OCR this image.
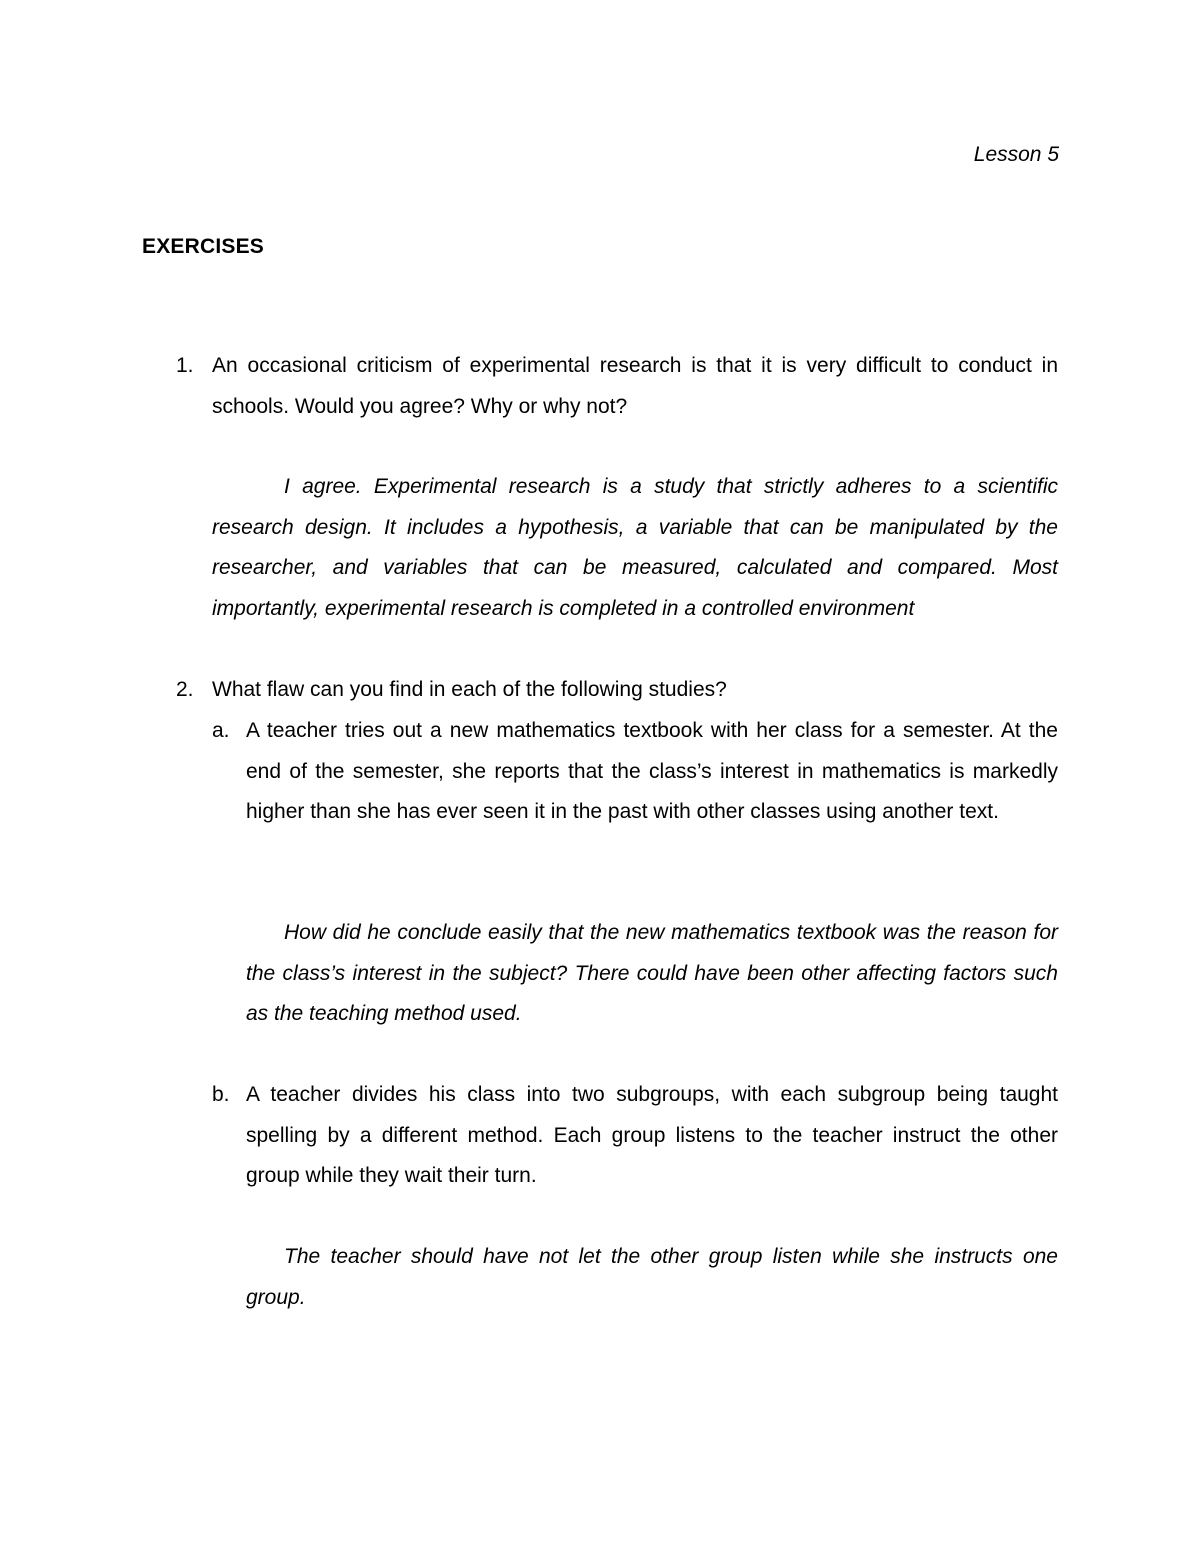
Lesson 5
EXERCISES
1. An occasional criticism of experimental research is that it is very difficult to conduct in schools. Would you agree? Why or why not?
I agree. Experimental research is a study that strictly adheres to a scientific research design. It includes a hypothesis, a variable that can be manipulated by the researcher, and variables that can be measured, calculated and compared. Most importantly, experimental research is completed in a controlled environment
2. What flaw can you find in each of the following studies?
a. A teacher tries out a new mathematics textbook with her class for a semester. At the end of the semester, she reports that the class’s interest in mathematics is markedly higher than she has ever seen it in the past with other classes using another text.
How did he conclude easily that the new mathematics textbook was the reason for the class’s interest in the subject? There could have been other affecting factors such as the teaching method used.
b. A teacher divides his class into two subgroups, with each subgroup being taught spelling by a different method. Each group listens to the teacher instruct the other group while they wait their turn.
The teacher should have not let the other group listen while she instructs one group.
